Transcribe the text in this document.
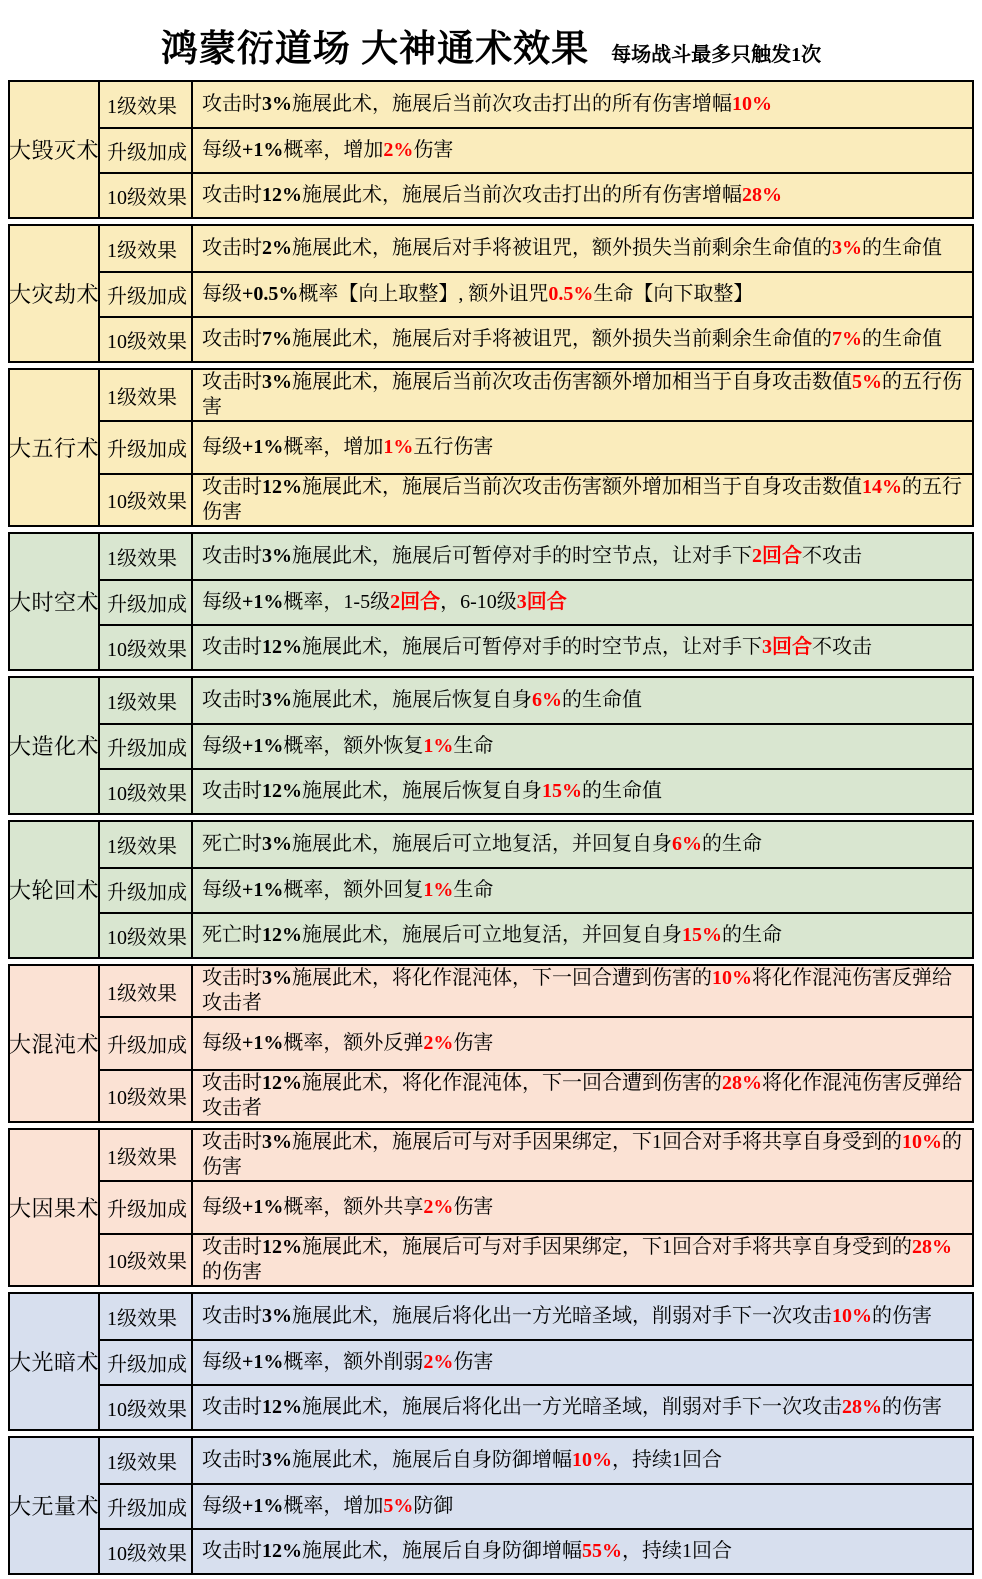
鸿蒙衍道场 大神通术效果 每场战斗最多只触发1次
大毁灭术
1级效果	攻击时3%施展此术，施展后当前次攻击打出的所有伤害增幅10%
升级加成 每级+1%概率，增加2%伤害
10级效果 攻击时12%施展此术，施展后当前次攻击打出的所有伤害增幅28%
大灾劫术
1级效果	攻击时2%施展此术，施展后对手将被诅咒，额外损失当前剩余生命值的3%的生命值
升级加成 每级+0.5%概率【向上取整】, 额外诅咒0.5%生命【向下取整】
10级效果 攻击时7%施展此术，施展后对手将被诅咒，额外损失当前剩余生命值的7%的生命值
大五行术
1级效果
攻击时3%施展此术，施展后当前次攻击伤害额外增加相当于自身攻击数值5%的五行伤害
升级加成 每级+1%概率，增加1%五行伤害
10级效果
攻击时12%施展此术，施展后当前次攻击伤害额外增加相当于自身攻击数值14%的五行伤害
大时空术
1级效果	攻击时3%施展此术，施展后可暂停对手的时空节点，让对手下2回合不攻击
升级加成 每级+1%概率，1-5级2回合，6-10级3回合
10级效果 攻击时12%施展此术，施展后可暂停对手的时空节点，让对手下3回合不攻击
大造化术
1级效果	攻击时3%施展此术，施展后恢复自身6%的生命值
升级加成 每级+1%概率，额外恢复1%生命
10级效果 攻击时12%施展此术，施展后恢复自身15%的生命值
大轮回术
1级效果	死亡时3%施展此术，施展后可立地复活，并回复自身6%的生命
升级加成 每级+1%概率，额外回复1%生命
10级效果 死亡时12%施展此术，施展后可立地复活，并回复自身15%的生命
大混沌术
1级效果
攻击时3%施展此术，将化作混沌体，下一回合遭到伤害的10%将化作混沌伤害反弹给攻击者
升级加成 每级+1%概率，额外反弹2%伤害
10级效果
攻击时12%施展此术，将化作混沌体，下一回合遭到伤害的28%将化作混沌伤害反弹给攻击者
大因果术
1级效果
攻击时3%施展此术，施展后可与对手因果绑定，下1回合对手将共享自身受到的10%的伤害
升级加成 每级+1%概率，额外共享2%伤害
10级效果
攻击时12%施展此术，施展后可与对手因果绑定，下1回合对手将共享自身受到的28%的伤害
大光暗术
1级效果	攻击时3%施展此术，施展后将化出一方光暗圣域，削弱对手下一次攻击10%的伤害
升级加成 每级+1%概率，额外削弱2%伤害
10级效果 攻击时12%施展此术，施展后将化出一方光暗圣域，削弱对手下一次攻击28%的伤害
大无量术
1级效果	攻击时3%施展此术，施展后自身防御增幅10%，持续1回合
升级加成 每级+1%概率，增加5%防御
10级效果 攻击时12%施展此术，施展后自身防御增幅55%，持续1回合
